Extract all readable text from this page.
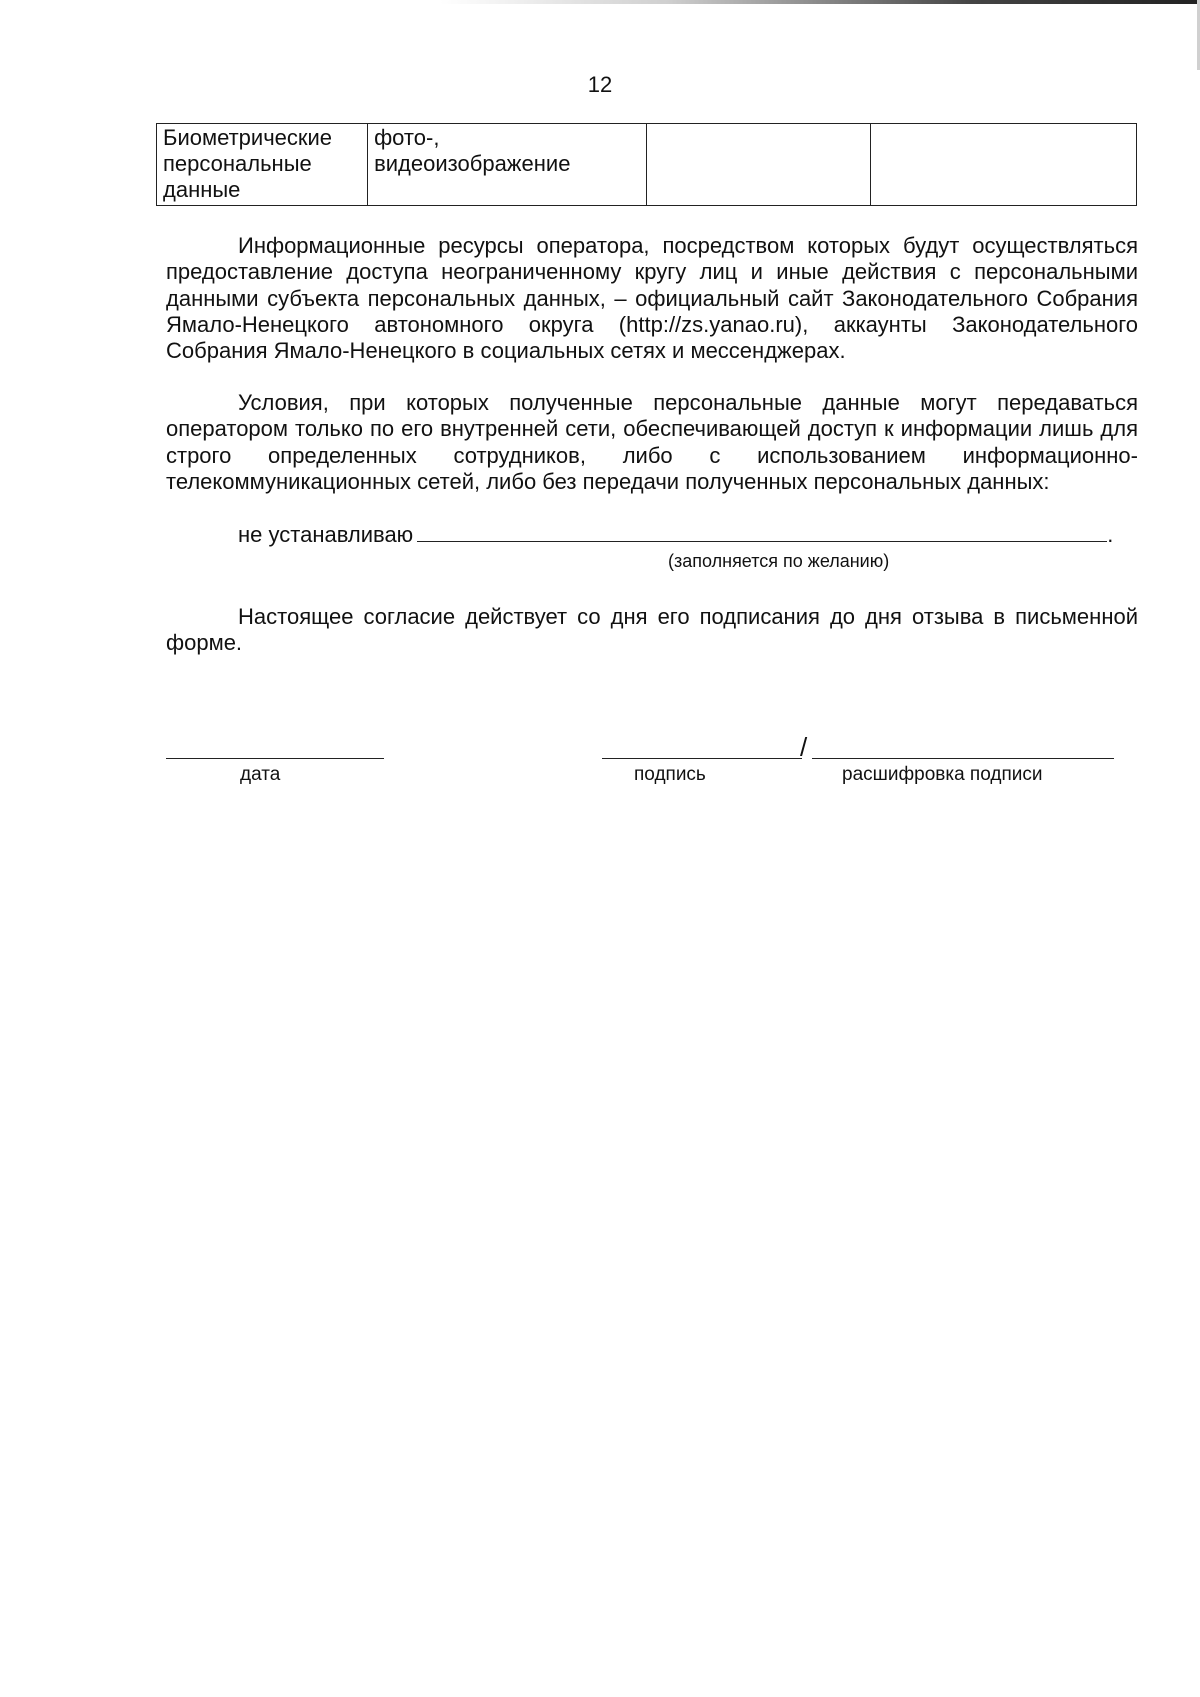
12
Биометрические персональные данные	фото-, видеоизображение		

Информационные ресурсы оператора, посредством которых будут осуществляться предоставление доступа неограниченному кругу лиц и иные действия с персональными данными субъекта персональных данных, – официальный сайт Законодательного Собрания Ямало-Ненецкого автономного округа (http://zs.yanao.ru), аккаунты Законодательного Собрания Ямало-Ненецкого в социальных сетях и мессенджерах.

Условия, при которых полученные персональные данные могут передаваться оператором только по его внутренней сети, обеспечивающей доступ к информации лишь для строго определенных сотрудников, либо с использованием информационно-телекоммуникационных сетей, либо без передачи полученных персональных данных:

не устанавливаю	.
(заполняется по желанию)

Настоящее согласие действует со дня его подписания до дня отзыва в письменной форме.

/
дата	подпись	расшифровка подписи
